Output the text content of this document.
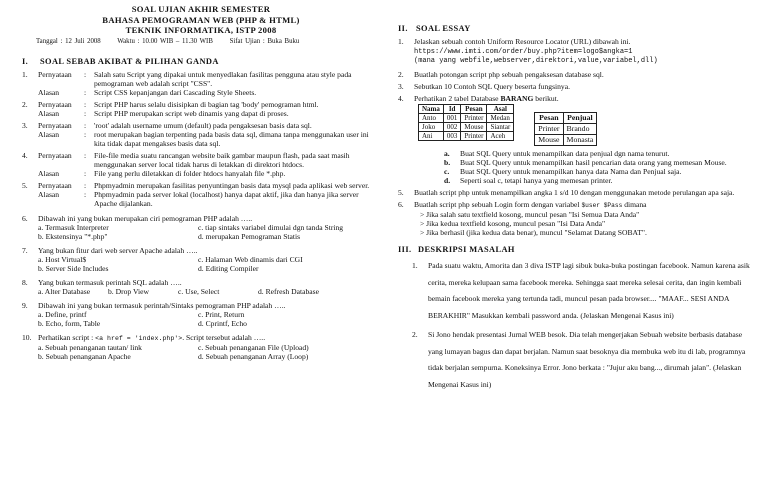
SOAL UJIAN AKHIR SEMESTER
BAHASA PEMOGRAMAN WEB (PHP & HTML)
TEKNIK INFORMATIKA, ISTP 2008
Tanggal : 12 Juli 2008 Waktu : 10.00 WIB – 11.30 WIB Sifat Ujian : Buka Buku
I.	SOAL SEBAB AKIBAT & PILIHAN GANDA
1.	Pernyataan	:	Salah satu Script yang dipakai untuk menyedlakan fasilitas pengguna atau style pada pemograman web adalah script "CSS".
Alasan	:	Script CSS kepanjangan dari Cascading Style Sheets.
2.	Pernyataan	:	Script PHP harus selalu disisipkan di bagian tag 'body' pemograman html.
Alasan	:	Script PHP merupakan script web dinamis yang dapat di proses.
3.	Pernyataan	:	'root' adalah username umum (default) pada pengaksesan basis data sql.
Alasan	:	root merupakan bagian terpenting pada basis data sql, dimana tanpa menggunakan user ini kita tidak dapat mengakses basis data sql.
4.	Pernyataan	:	File-file media suatu rancangan website baik gambar maupun flash, pada saat masih menggunakan server local tidak harus di letakkan di direktori htdocs.
Alasan	:	File yang perlu diletakkan di folder htdocs hanyalah file *.php.
5.	Pernyataan	:	Phpmyadmin merupakan fasilitas penyuntingan basis data mysql pada aplikasi web server.
Alasan	:	Phpmyadmin pada server lokal (localhost) hanya dapat aktif, jika dan hanya jika server Apache dijalankan.
6.	Dibawah ini yang bukan merupakan ciri pemograman PHP adalah …..
a. Termasuk Interpreter	c. tiap sintaks variabel dimulai dgn tanda String
b. Ekstensinya "*.php"	d. merupakan Pemograman Statis
7.	Yang bukan fitur dari web server Apache adalah …..
a. Host Virtual$	c. Halaman Web dinamis dari CGI
b. Server Side Includes	d. Editing Compiler
8.	Yang bukan termasuk perintah SQL adalah …..
a. Alter Database	b. Drop View	c. Use, Select	d. Refresh Database
9.	Dibawah ini yang bukan termasuk perintah/Sintaks pemograman PHP adalah …..
a. Define, printf	c. Print, Return
b. Echo, form, Table	d. Cprintf, Echo
10. Perhatikan script : <a href = 'index.php'>. Script tersebut adalah …..
a. Sebuah penanganan tautan/ link	c. Sebuah penanganan File (Upload)
b. Sebuah penanganan Apache	d. Sebuah penanganan Array (Loop)
II. SOAL ESSAY
1.	Jelaskan sebuah contoh Uniform Resource Locator (URL) dibawah ini.
https://www.imti.com/order/buy.php?item=logo$angka=1
(mana yang webfile,webserver,direktori,value,variabel,dll)
2.	Buatlah potongan script php sebuah pengaksesan database sql.
3.	Sebutkan 10 Contoh SQL Query beserta fungsinya.
4.	Perhatikan 2 tabel Database BARANG berikut.
Nama	Id	Pesan	Asal
Anto	001	Printer	Medan
Joko	002	Mouse	Siantar
Ani	003	Printer	Aceh
Pesan	Penjual
Printer	Brando
Mouse	Monasta
a.	Buat SQL Query untuk menampilkan data penjual dgn nama tenurut.
b.	Buat SQL Query untuk menampilkan hasil pencarian data orang yang memesan Mouse.
c.	Buat SQL Query untuk menampilkan hanya data Nama dan Penjual saja.
d.	Seperti soal c, tetapi hanya yang memesan printer.
5.	Buatlah script php untuk menampilkan angka 1 s/d 10 dengan menggunakan metode perulangan apa saja.
6.	Buatlah script php sebuah Login form dengan variabel $user $Pass dimana
> Jika salah satu textfield kosong, muncul pesan "Isi Semua Data Anda"
> Jika kedua textfield kosong, muncul pesan "Isi Data Anda"
> Jika berhasil (jika kedua data benar), muncul "Selamat Datang SOBAT".
III. DESKRIPSI MASALAH
1.	Pada suatu waktu, Amorita dan 3 diva ISTP lagi sibuk buka-buka postingan facebook. Namun karena asik cerita, mereka kelupaan sama facebook mereka. Sehingga saat mereka selesai cerita, dan ingin kembali bemain facebook mereka yang tertunda tadi, muncul pesan pada browser.... "MAAF... SESI ANDA BERAKHIR" Masukkan kembali password anda. (Jelaskan Mengenai Kasus ini)
2.	Si Jono hendak presentasi Jurnal WEB besok. Dia telah mengerjakan Sebuah website berbasis database yang lumayan bagus dan dapat berjalan. Namun saat besoknya dia membuka web itu di lab, programnya tidak berjalan sempurna. Koneksinya Error. Jono berkata : "Jujur aku bang..., dirumah jalan". (Jelaskan Mengenai Kasus ini)
